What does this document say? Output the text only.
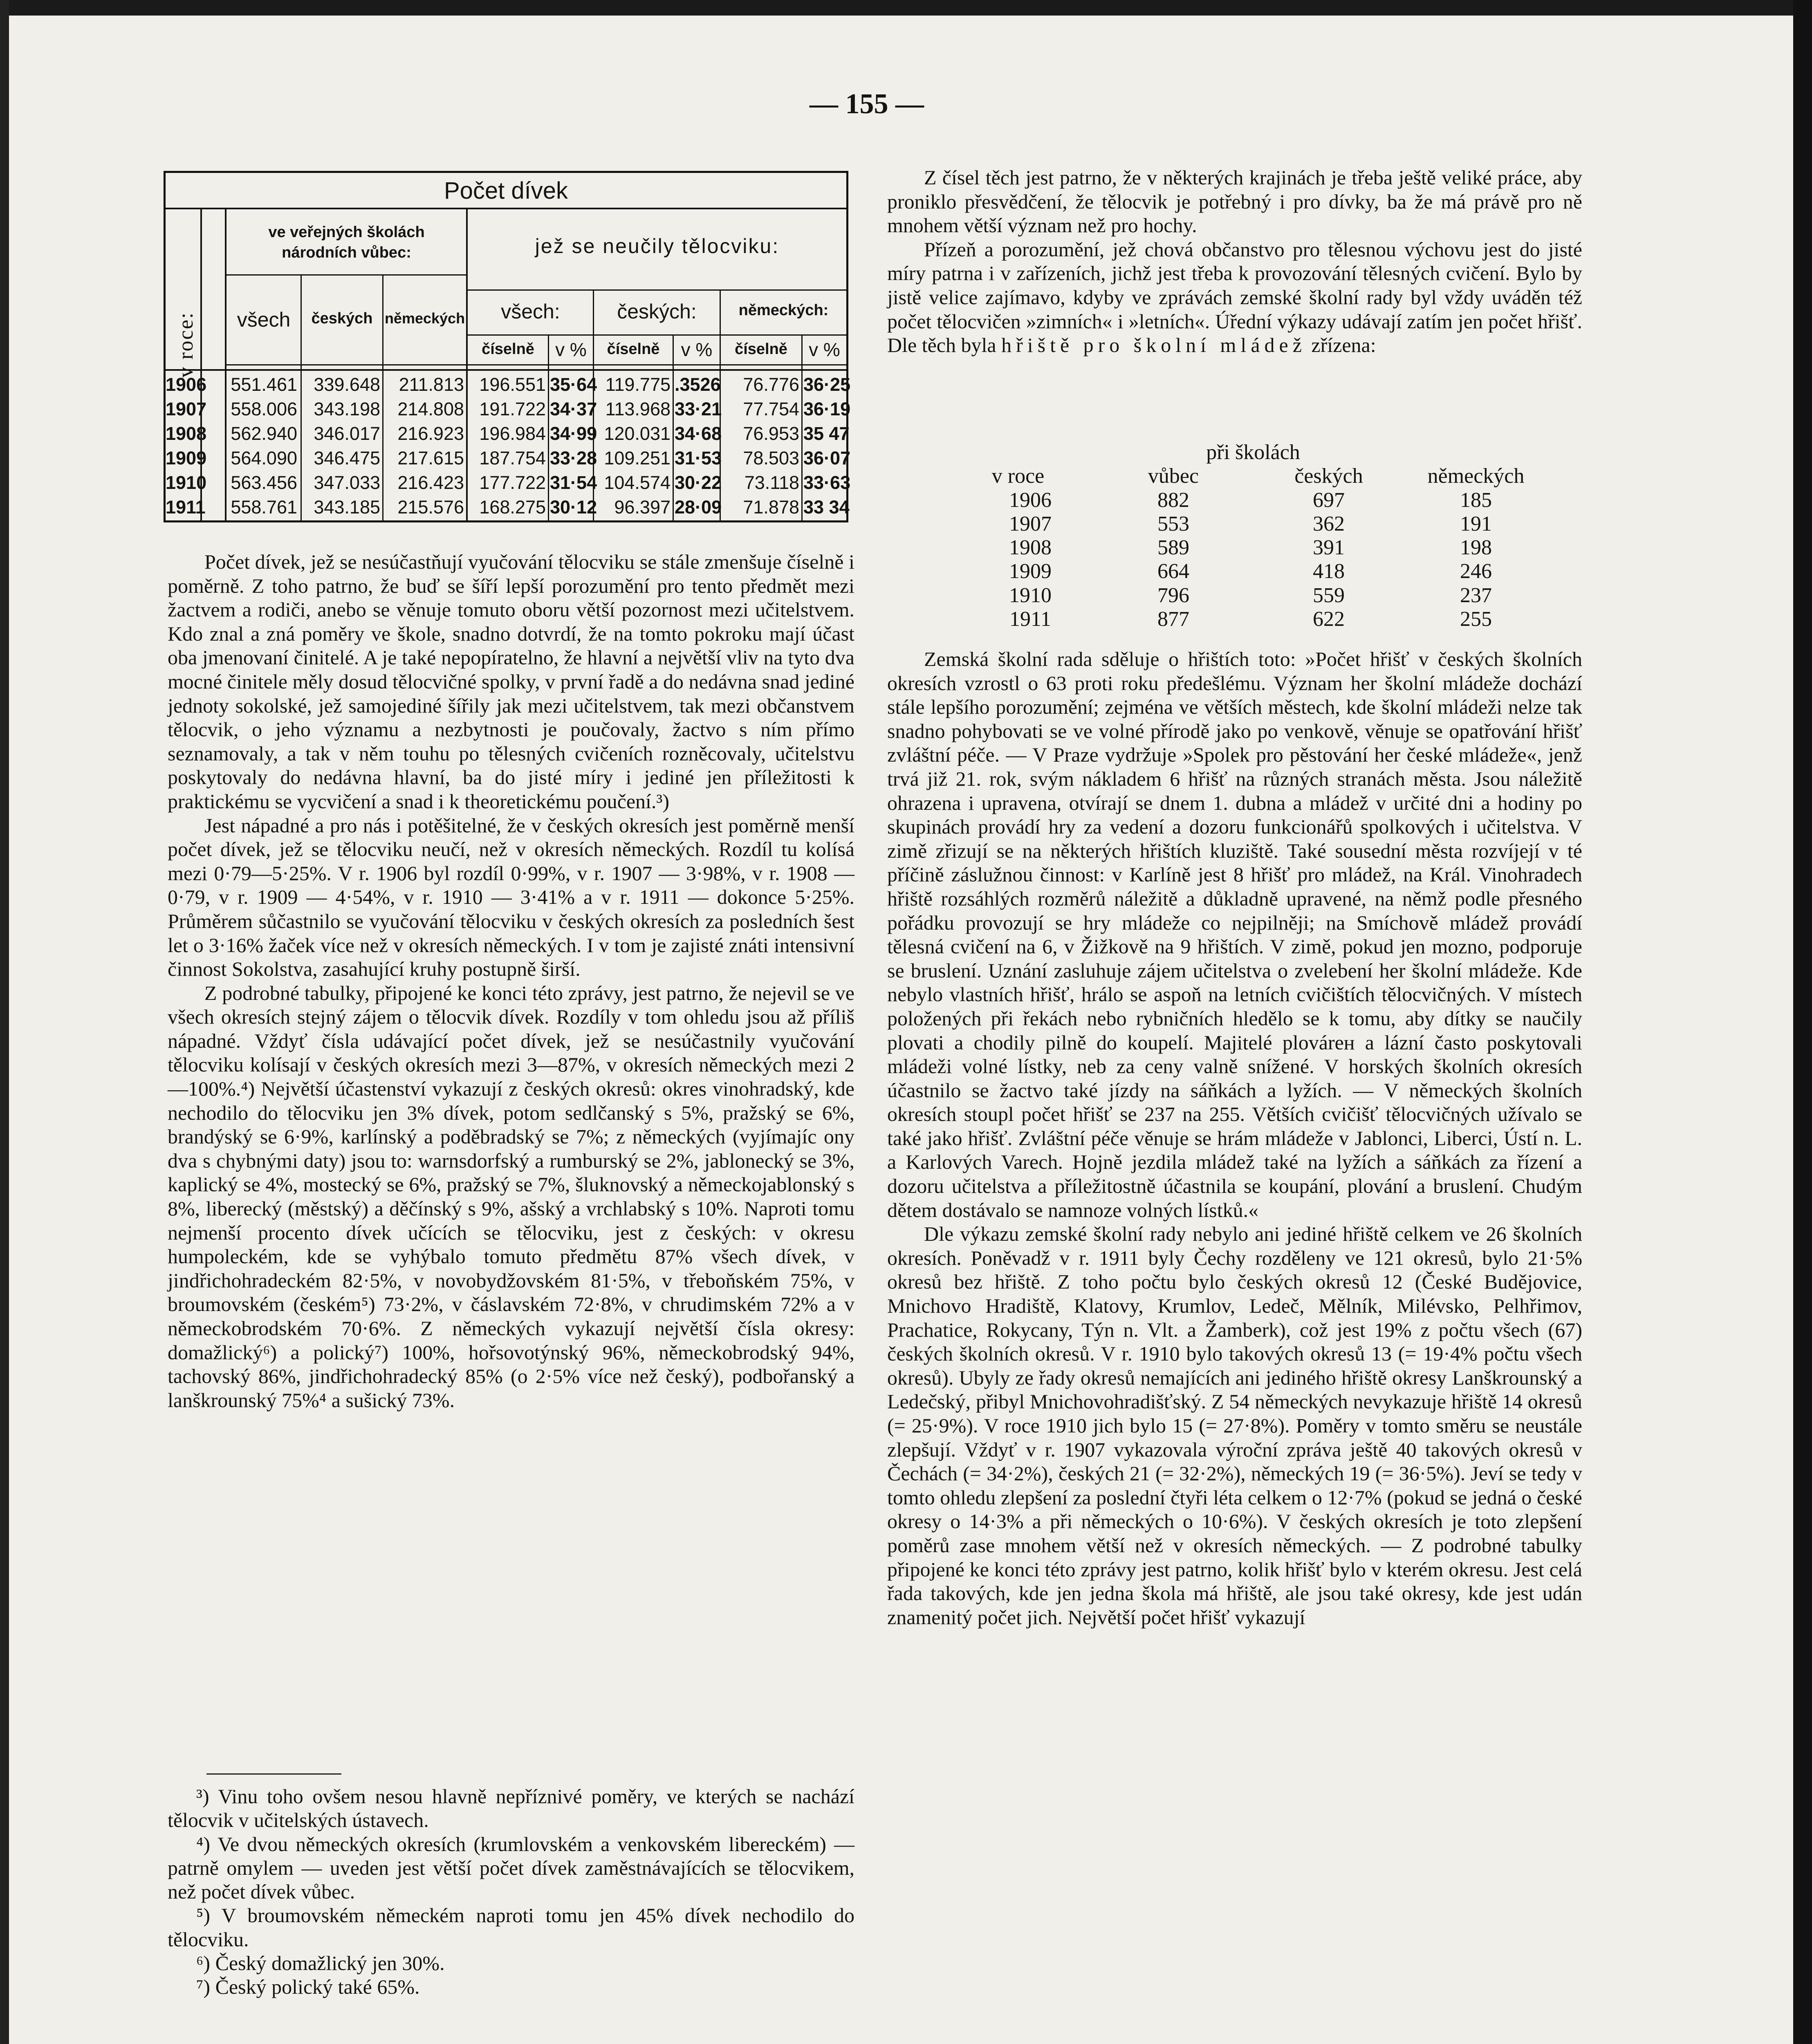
— 155 —
Počet dívek
v roce:
ve veřejných školách národních vůbec:	jež se neučily tělocviku:
všech	českých německých	všech:	českých:	německých:
číselně	v %	číselně	v %	číselně	v %
1906	551.461 339.648	211.813 196.551 35·64 119.775 .3526	76.776 36·25
1907	558.006 343.198 214.808 191.722 34·37 113.968 33·21	77.754 36·19
1908	562.940 346.017 216.923 196.984 34·99 120.031 34·68	76.953 35 47
1909	564.090 346.475 217.615 187.754 33·28 109.251 31·53	78.503 36·07
1910	563.456 347.033 216.423 177.722 31·54 104.574 30·22	73.118 33·63
1911	558.761 343.185 215.576 168.275 30·12 96.397 28·09	71.878 33 34

Počet dívek, jež se nesúčastňují vyučování tělocviku se stále zmenšuje číselně i poměrně. Z toho patrno, že buď se šíří lepší porozumění pro tento předmět mezi žactvem a rodiči, anebo se věnuje tomuto oboru větší pozornost mezi učitelstvem. Kdo znal a zná poměry ve škole, snadno dotvrdí, že na tomto pokroku mají účast oba jmenovaní činitelé. A je také nepopíratelno, že hlavní a největší vliv na tyto dva mocné činitele měly dosud tělocvičné spolky, v první řadě a do nedávna snad jediné jednoty sokolské, jež samojediné šířily jak mezi učitelstvem, tak mezi občanstvem tělocvik, o jeho významu a nezbytnosti je poučovaly, žactvo s ním přímo seznamovaly, a tak v něm touhu po tělesných cvičeních rozněcovaly, učitelstvu poskytovaly do nedávna hlavní, ba do jisté míry i jediné jen příležitosti k praktickému se vycvičení a snad i k theoretickému poučení.³)

Jest nápadné a pro nás i potěšitelné, že v českých okresích jest poměrně menší počet dívek, jež se tělocviku neučí, než v okresích německých. Rozdíl tu kolísá mezi 0·79—5·25%. V r. 1906 byl rozdíl 0·99%, v r. 1907 — 3·98%, v r. 1908 — 0·79, v r. 1909 — 4·54%, v r. 1910 — 3·41% a v r. 1911 — dokonce 5·25%. Průměrem sůčastnilo se vyučování tělocviku v českých okresích za posledních šest let o 3·16% žaček více než v okresích německých. I v tom je zajisté znáti intensivní činnost Sokolstva, zasahující kruhy postupně širší.

Z podrobné tabulky, připojené ke konci této zprávy, jest patrno, že nejevil se ve všech okresích stejný zájem o tělocvik dívek. Rozdíly v tom ohledu jsou až příliš nápadné. Vždyť čísla udávající počet dívek, jež se nesúčastnily vyučování tělocviku kolísají v českých okresích mezi 3—87%, v okresích německých mezi 2—100%.⁴) Největší účastenství vykazují z českých okresů: okres vinohradský, kde nechodilo do tělocviku jen 3% dívek, potom sedlčanský s 5%, pražský se 6%, brandýský se 6·9%, karlínský a poděbradský se 7%; z německých (vyjímajíc ony dva s chybnými daty) jsou to: warnsdorfský a rumburský se 2%, jablonecký se 3%, kaplický se 4%, mostecký se 6%, pražský se 7%, šluknovský a německojablonský s 8%, liberecký (městský) a děčínský s 9%, ašský a vrchlabský s 10%. Naproti tomu nejmenší procento dívek učících se tělocviku, jest z českých: v okresu humpoleckém, kde se vyhýbalo tomuto předmětu 87% všech dívek, v jindřichohradeckém 82·5%, v novobydžovském 81·5%, v třeboňském 75%, v broumovském (českém⁵) 73·2%, v čáslavském 72·8%, v chrudimském 72% a v německobrodském 70·6%. Z německých vykazují největší čísla okresy: domažlický⁶) a polický⁷) 100%, hořsovotýnský 96%, německobrodský 94%, tachovský 86%, jindřichohradecký 85% (o 2·5% více než český), podbořanský a lanškrounský 75%⁴ a sušický 73%.

³) Vinu toho ovšem nesou hlavně nepříznivé poměry, ve kterých se nachází tělocvik v učitelských ústavech.

⁴) Ve dvou německých okresích (krumlovském a venkovském libereckém) — patrně omylem — uveden jest větší počet dívek zaměstnávajících se tělocvikem, než počet dívek vůbec.

⁵) V broumovském německém naproti tomu jen 45% dívek nechodilo do tělocviku.

⁶) Český domažlický jen 30%.

⁷) Český polický také 65%.

Z čísel těch jest patrno, že v některých krajinách je třeba ještě veliké práce, aby proniklo přesvědčení, že tělocvik je potřebný i pro dívky, ba že má právě pro ně mnohem větší význam než pro hochy.

Přízeň a porozumění, jež chová občanstvo pro tělesnou výchovu jest do jisté míry patrna i v zařízeních, jichž jest třeba k provozování tělesných cvičení. Bylo by jistě velice zajímavo, kdyby ve zprávách zemské školní rady byl vždy uváděn též počet tělocvičen »zimních« i »letních«. Úřední výkazy udávají zatím jen počet hřišť. Dle těch byla hřiště pro školní mládež zřízena:

při školách
v roce	vůbec	českých	německých
1906	882	697	185
1907	553	362	191
1908	589	391	198
1909	664	418	246
1910	796	559	237
1911	877	622	255

Zemská školní rada sděluje o hřištích toto: »Počet hřišť v českých školních okresích vzrostl o 63 proti roku předešlému. Význam her školní mládeže dochází stále lepšího porozumění; zejména ve větších městech, kde školní mládeži nelze tak snadno pohybovati se ve volné přírodě jako po venkově, věnuje se opatřování hřišť zvláštní péče. — V Praze vydržuje »Spolek pro pěstování her české mládeže«, jenž trvá již 21. rok, svým nákladem 6 hřišť na různých stranách města. Jsou náležitě ohrazena i upravena, otvírají se dnem 1. dubna a mládež v určité dni a hodiny po skupinách provádí hry za vedení a dozoru funkcionářů spolkových i učitelstva. V zimě zřizují se na některých hřištích kluziště. Také sousední města rozvíjejí v té příčině záslužnou činnost: v Karlíně jest 8 hřišť pro mládež, na Král. Vinohradech hřiště rozsáhlých rozměrů náležitě a důkladně upravené, na němž podle přesného pořádku provozují se hry mládeže co nejpilněji; na Smíchově mládež provádí tělesná cvičení na 6, v Žižkově na 9 hřištích. V zimě, pokud jen mozno, podporuje se bruslení. Uznání zasluhuje zájem učitelstva o zvelebení her školní mládeže. Kde nebylo vlastních hřišť, hrálo se aspoň na letních cvičištích tělocvičných. V místech položených při řekách nebo rybničních hledělo se k tomu, aby dítky se naučily plovati a chodily pilně do koupelí. Majitelé plovárен a lázní často poskytovali mládeži volné lístky, neb za ceny valně snížené. V horských školních okresích účastnilo se žactvo také jízdy na sáňkách a lyžích. — V německých školních okresích stoupl počet hřišť se 237 na 255. Větších cvičišť tělocvičných užívalo se také jako hřišť. Zvláštní péče věnuje se hrám mládeže v Jablonci, Liberci, Ústí n. L. a Karlových Varech. Hojně jezdila mládež také na lyžích a sáňkách za řízení a dozoru učitelstva a příležitostně účastnila se koupání, plování a bruslení. Chudým dětem dostávalo se namnoze volných lístků.«

Dle výkazu zemské školní rady nebylo ani jediné hřiště celkem ve 26 školních okresích. Poněvadž v r. 1911 byly Čechy rozděleny ve 121 okresů, bylo 21·5% okresů bez hřiště. Z toho počtu bylo českých okresů 12 (České Budějovice, Mnichovo Hradiště, Klatovy, Krumlov, Ledeč, Mělník, Milévsko, Pelhřimov, Prachatice, Rokycany, Týn n. Vlt. a Žamberk), což jest 19% z počtu všech (67) českých školních okresů. V r. 1910 bylo takových okresů 13 (= 19·4% počtu všech okresů). Ubyly ze řady okresů nemajících ani jediného hřiště okresy Lanškrounský a Ledečský, přibyl Mnichovohradišťský. Z 54 německých nevykazuje hřiště 14 okresů (= 25·9%). V roce 1910 jich bylo 15 (= 27·8%). Poměry v tomto směru se neustále zlepšují. Vždyť v r. 1907 vykazovala výroční zpráva ještě 40 takových okresů v Čechách (= 34·2%), českých 21 (= 32·2%), německých 19 (= 36·5%). Jeví se tedy v tomto ohledu zlepšení za poslední čtyři léta celkem o 12·7% (pokud se jedná o české okresy o 14·3% a při německých o 10·6%). V českých okresích je toto zlepšení poměrů zase mnohem větší než v okresích německých. — Z podrobné tabulky připojené ke konci této zprávy jest patrno, kolik hřišť bylo v kterém okresu. Jest celá řada takových, kde jen jedna škola má hřiště, ale jsou také okresy, kde jest udán znamenitý počet jich. Největší počet hřišť vykazují
